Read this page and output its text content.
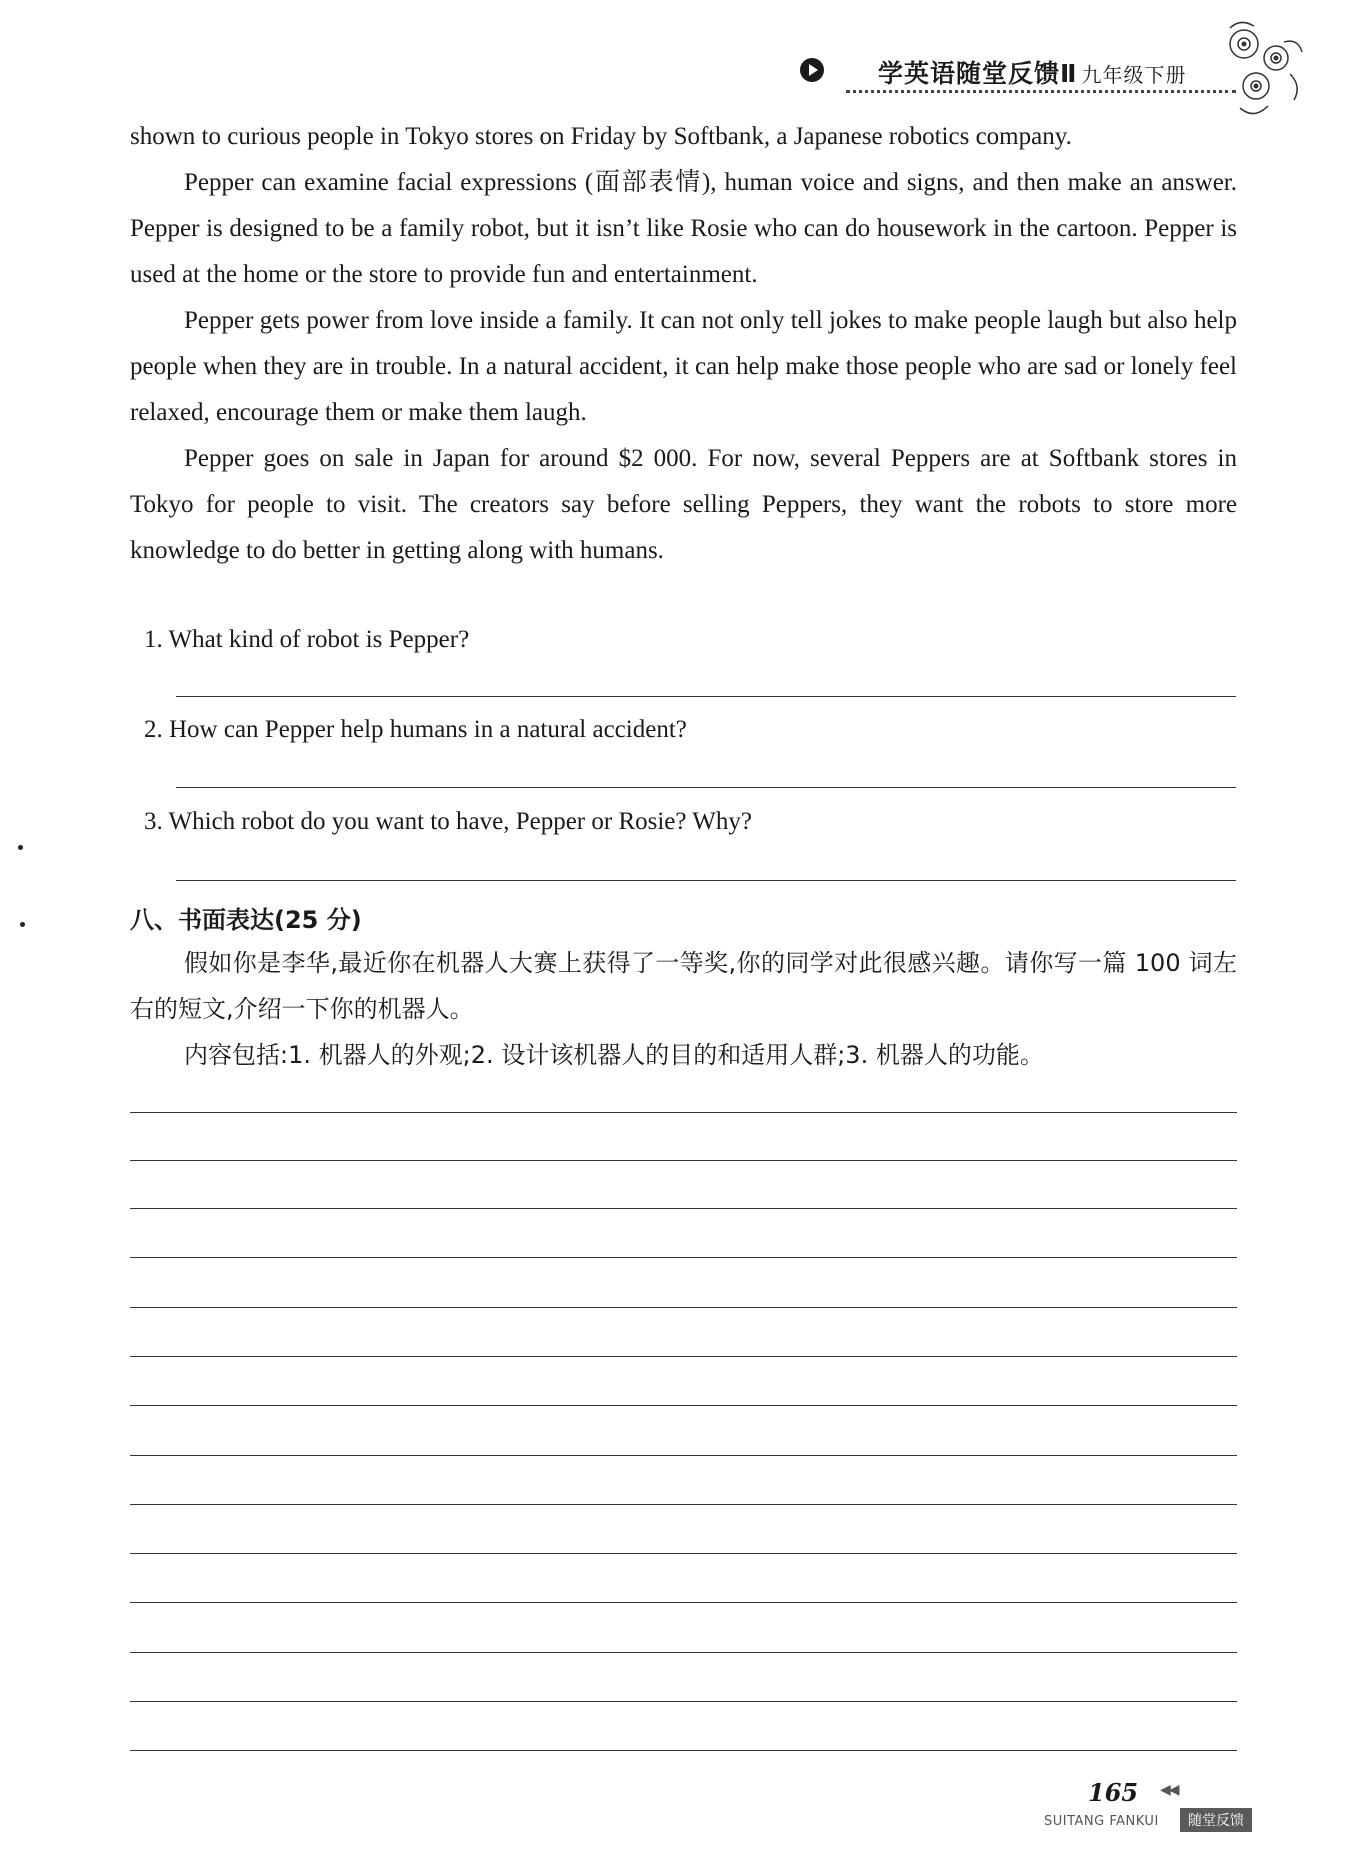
学英语随堂反馈Ⅱ 九年级下册

shown to curious people in Tokyo stores on Friday by Softbank, a Japanese robotics company.

Pepper can examine facial expressions (面部表情), human voice and signs, and then make an answer. Pepper is designed to be a family robot, but it isn’t like Rosie who can do housework in the cartoon. Pepper is used at the home or the store to provide fun and entertainment.

Pepper gets power from love inside a family. It can not only tell jokes to make people laugh but also help people when they are in trouble. In a natural accident, it can help make those people who are sad or lonely feel relaxed, encourage them or make them laugh.

Pepper goes on sale in Japan for around $2 000. For now, several Peppers are at Softbank stores in Tokyo for people to visit. The creators say before selling Peppers, they want the robots to store more knowledge to do better in getting along with humans.

1. What kind of robot is Pepper?
2. How can Pepper help humans in a natural accident?
3. Which robot do you want to have, Pepper or Rosie? Why?
八、书面表达(25 分)

假如你是李华,最近你在机器人大赛上获得了一等奖,你的同学对此很感兴趣。请你写一篇 100 词左右的短文,介绍一下你的机器人。

内容包括:1. 机器人的外观;2. 设计该机器人的目的和适用人群;3. 机器人的功能。

165 ◀◀
SUITANG FANKUI	随堂反馈
